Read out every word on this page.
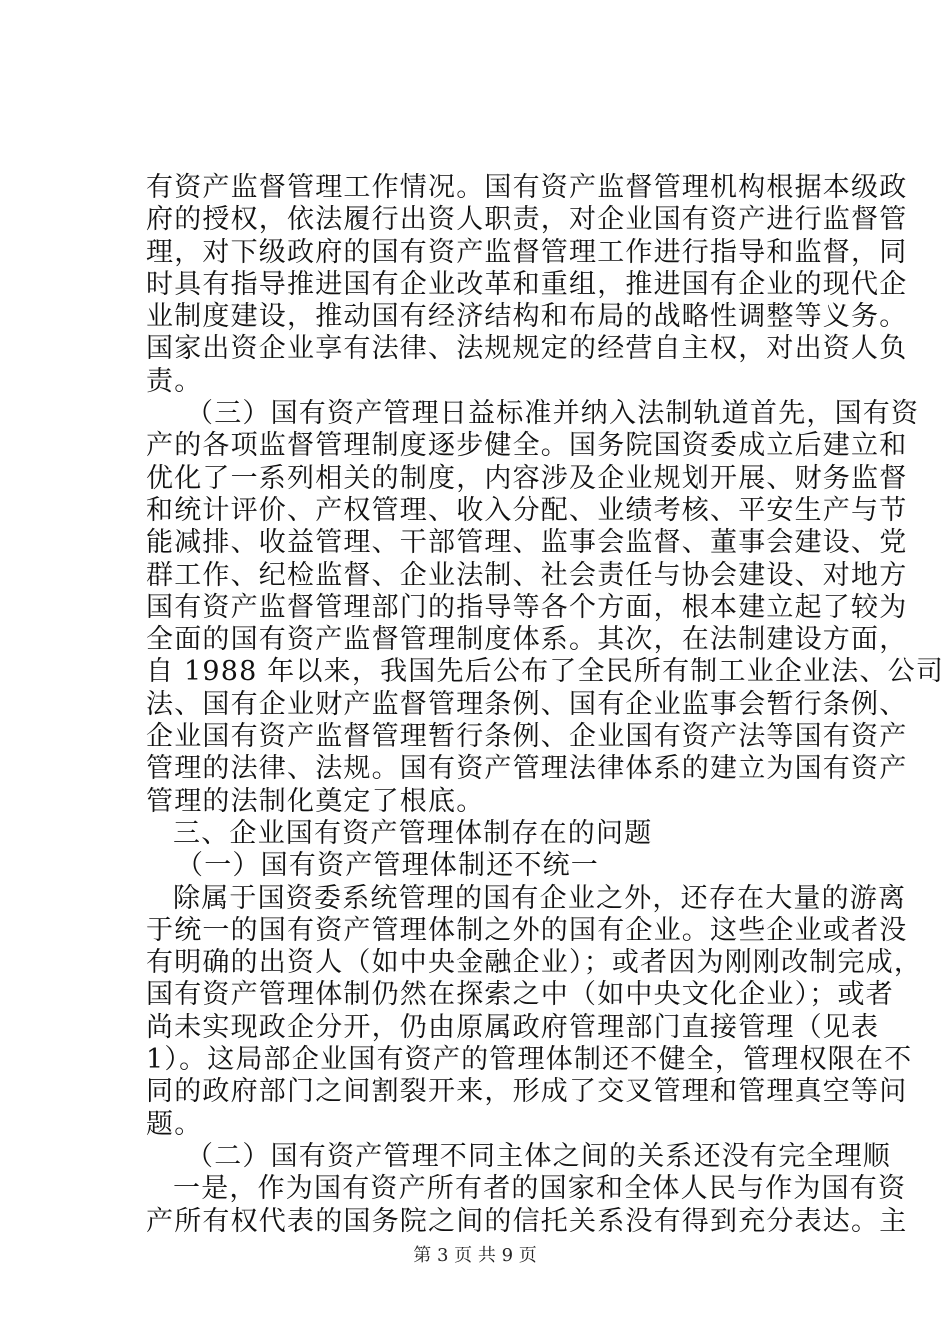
有资产监督管理工作情况。国有资产监督管理机构根据本级政
府的授权，依法履行出资人职责，对企业国有资产进行监督管
理，对下级政府的国有资产监督管理工作进行指导和监督，同
时具有指导推进国有企业改革和重组，推进国有企业的现代企
业制度建设，推动国有经济结构和布局的战略性调整等义务。
国家出资企业享有法律、法规规定的经营自主权，对出资人负
责。
（三）国有资产管理日益标准并纳入法制轨道首先，国有资
产的各项监督管理制度逐步健全。国务院国资委成立后建立和
优化了一系列相关的制度，内容涉及企业规划开展、财务监督
和统计评价、产权管理、收入分配、业绩考核、平安生产与节
能减排、收益管理、干部管理、监事会监督、董事会建设、党
群工作、纪检监督、企业法制、社会责任与协会建设、对地方
国有资产监督管理部门的指导等各个方面，根本建立起了较为
全面的国有资产监督管理制度体系。其次，在法制建设方面，
自 1988 年以来，我国先后公布了全民所有制工业企业法、公司
法、国有企业财产监督管理条例、国有企业监事会暂行条例、
企业国有资产监督管理暂行条例、企业国有资产法等国有资产
管理的法律、法规。国有资产管理法律体系的建立为国有资产
管理的法制化奠定了根底。
三、企业国有资产管理体制存在的问题
（一）国有资产管理体制还不统一
除属于国资委系统管理的国有企业之外，还存在大量的游离
于统一的国有资产管理体制之外的国有企业。这些企业或者没
有明确的出资人（如中央金融企业）；或者因为刚刚改制完成，
国有资产管理体制仍然在探索之中（如中央文化企业）；或者
尚未实现政企分开，仍由原属政府管理部门直接管理（见表
1）。这局部企业国有资产的管理体制还不健全，管理权限在不
同的政府部门之间割裂开来，形成了交叉管理和管理真空等问
题。
（二）国有资产管理不同主体之间的关系还没有完全理顺
一是，作为国有资产所有者的国家和全体人民与作为国有资
产所有权代表的国务院之间的信托关系没有得到充分表达。主
第 3 页 共 9 页
